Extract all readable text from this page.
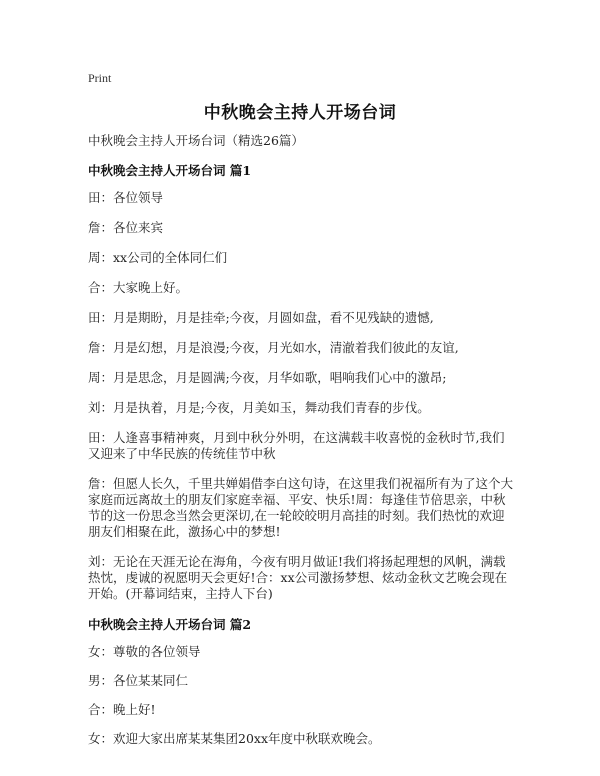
Print
中秋晚会主持人开场台词

中秋晚会主持人开场台词（精选26篇）

中秋晚会主持人开场台词 篇1

田：各位领导

詹：各位来宾

周：xx公司的全体同仁们

合：大家晚上好。

田：月是期盼，月是挂牵;今夜，月圆如盘，看不见残缺的遗憾,

詹：月是幻想，月是浪漫;今夜，月光如水，清澈着我们彼此的友谊,

周：月是思念，月是圆满;今夜，月华如歌，唱响我们心中的激昂;

刘：月是执着，月是;今夜，月美如玉，舞动我们青春的步伐。

田：人逢喜事精神爽，月到中秋分外明，在这满载丰收喜悦的金秋时节,我们又迎来了中华民族的传统佳节中秋

詹：但愿人长久，千里共婵娟借李白这句诗，在这里我们祝福所有为了这个大家庭而远离故土的朋友们家庭幸福、平安、快乐!周：每逢佳节倍思亲，中秋节的这一份思念当然会更深切,在一轮皎皎明月高挂的时刻。我们热忱的欢迎朋友们相聚在此，激扬心中的梦想!

刘：无论在天涯无论在海角，今夜有明月做证!我们将扬起理想的风帆，满载热忱，虔诚的祝愿明天会更好!合：xx公司激扬梦想、炫动金秋文艺晚会现在开始。(开幕词结束，主持人下台)

中秋晚会主持人开场台词 篇2

女：尊敬的各位领导

男：各位某某同仁

合：晚上好!

女：欢迎大家出席某某集团20xx年度中秋联欢晚会。
